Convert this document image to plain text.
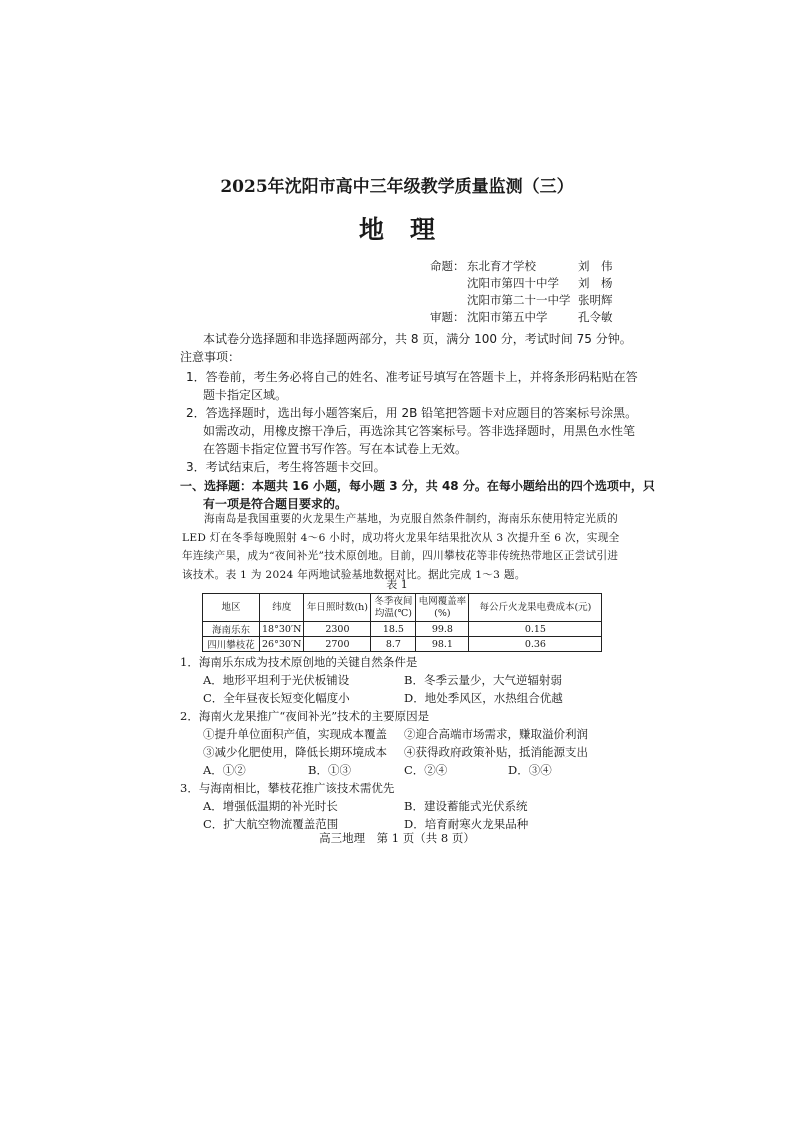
2025年沈阳市高中三年级教学质量监测（三）
地理
命题： 东北育才学校	刘　伟
沈阳市第四十中学 刘　杨
沈阳市第二十一中学 张明辉
审题： 沈阳市第五中学	孔令敏
本试卷分选择题和非选择题两部分，共 8 页，满分 100 分，考试时间 75 分钟。
注意事项：
1．答卷前，考生务必将自己的姓名、准考证号填写在答题卡上，并将条形码粘贴在答
题卡指定区域。
2．答选择题时，选出每小题答案后，用 2B 铅笔把答题卡对应题目的答案标号涂黑。
如需改动，用橡皮擦干净后，再选涂其它答案标号。答非选择题时，用黑色水性笔
在答题卡指定位置书写作答。写在本试卷上无效。
3．考试结束后，考生将答题卡交回。
一、选择题：本题共 16 小题，每小题 3 分，共 48 分。在每小题给出的四个选项中，只
有一项是符合题目要求的。
海南岛是我国重要的火龙果生产基地，为克服自然条件制约，海南乐东使用特定光质的 LED 灯在冬季每晚照射 4～6 小时，成功将火龙果年结果批次从 3 次提升至 6 次，实现全年连续产果，成为“夜间补光”技术原创地。目前，四川攀枝花等非传统热带地区正尝试引进该技术。表 1 为 2024 年两地试验基地数据对比。据此完成 1～3 题。
表 1
地区	纬度	年日照时数(h)	冬季夜间均温(℃)	电网覆盖率(%)	每公斤火龙果电费成本(元)
海南乐东	18°30′N	2300	18.5	99.8	0.15
四川攀枝花	26°30′N	2700	8.7	98.1	0.36
1．海南乐东成为技术原创地的关键自然条件是
A．地形平坦利于光伏板铺设	B．冬季云量少，大气逆辐射弱
C．全年昼夜长短变化幅度小	D．地处季风区，水热组合优越
2．海南火龙果推广“夜间补光”技术的主要原因是
①提升单位面积产值，实现成本覆盖 ②迎合高端市场需求，赚取溢价利润
③减少化肥使用，降低长期环境成本 ④获得政府政策补贴，抵消能源支出
A．①②	B．①③	C．②④	D．③④
3．与海南相比，攀枝花推广该技术需优先
A．增强低温期的补光时长	B．建设蓄能式光伏系统
C．扩大航空物流覆盖范围	D．培育耐寒火龙果品种
高三地理　第 1 页（共 8 页）
